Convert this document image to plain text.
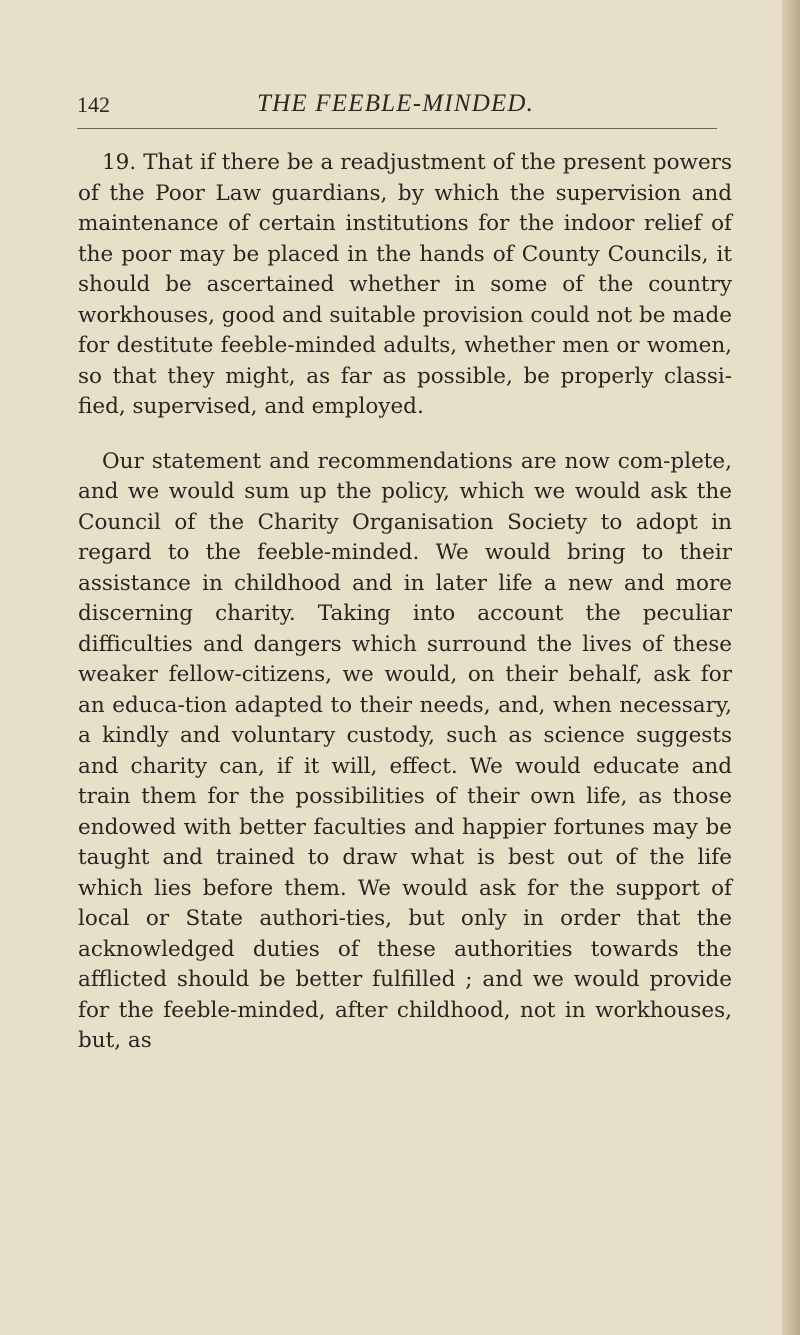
142	THE FEEBLE-MINDED.

19. That if there be a readjustment of the present powers of the Poor Law guardians, by which the supervision and maintenance of certain institutions for the indoor relief of the poor may be placed in the hands of County Councils, it should be ascertained whether in some of the country workhouses, good and suitable provision could not be made for destitute feeble-minded adults, whether men or women, so that they might, as far as possible, be properly classi-fied, supervised, and employed.

Our statement and recommendations are now com-plete, and we would sum up the policy, which we would ask the Council of the Charity Organisation Society to adopt in regard to the feeble-minded. We would bring to their assistance in childhood and in later life a new and more discerning charity. Taking into account the peculiar difficulties and dangers which surround the lives of these weaker fellow-citizens, we would, on their behalf, ask for an educa-tion adapted to their needs, and, when necessary, a kindly and voluntary custody, such as science suggests and charity can, if it will, effect. We would educate and train them for the possibilities of their own life, as those endowed with better faculties and happier fortunes may be taught and trained to draw what is best out of the life which lies before them. We would ask for the support of local or State authori-ties, but only in order that the acknowledged duties of these authorities towards the afflicted should be better fulfilled ; and we would provide for the feeble-minded, after childhood, not in workhouses, but, as
